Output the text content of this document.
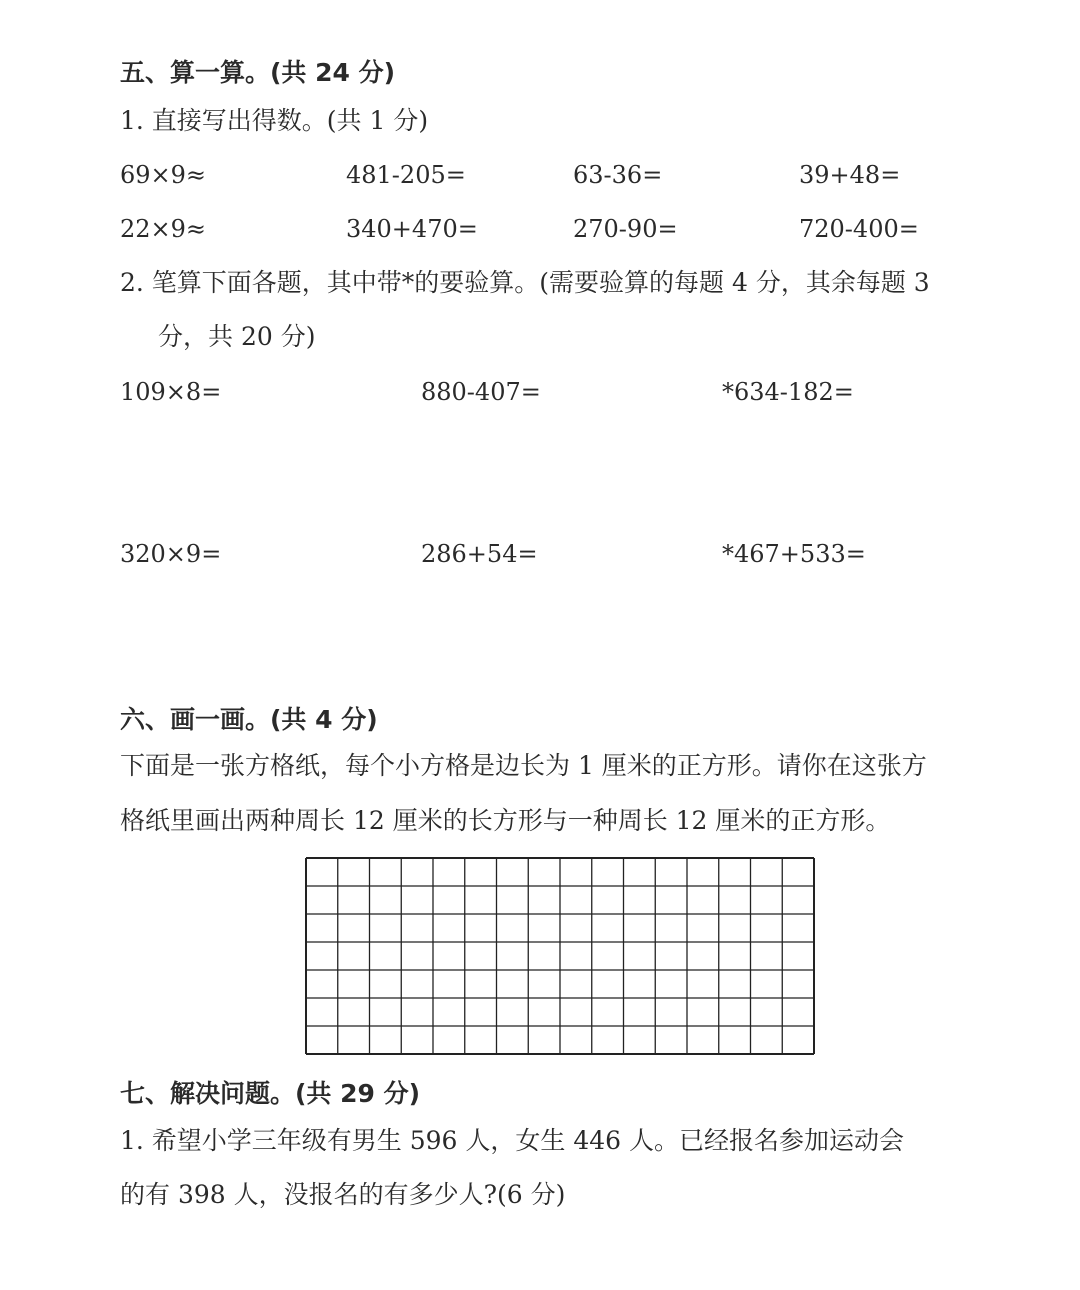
五、算一算。(共 24 分)
1. 直接写出得数。(共 1 分)
69×9≈	481-205=	63-36=	39+48=
22×9≈	340+470=	270-90=	720-400=
2. 笔算下面各题，其中带*的要验算。(需要验算的每题 4 分，其余每题 3
分，共 20 分)
109×8=	880-407=	*634-182=
320×9=	286+54=	*467+533=
六、画一画。(共 4 分)
下面是一张方格纸，每个小方格是边长为 1 厘米的正方形。请你在这张方
格纸里画出两种周长 12 厘米的长方形与一种周长 12 厘米的正方形。
七、解决问题。(共 29 分)
1. 希望小学三年级有男生 596 人，女生 446 人。已经报名参加运动会
的有 398 人，没报名的有多少人?(6 分)
